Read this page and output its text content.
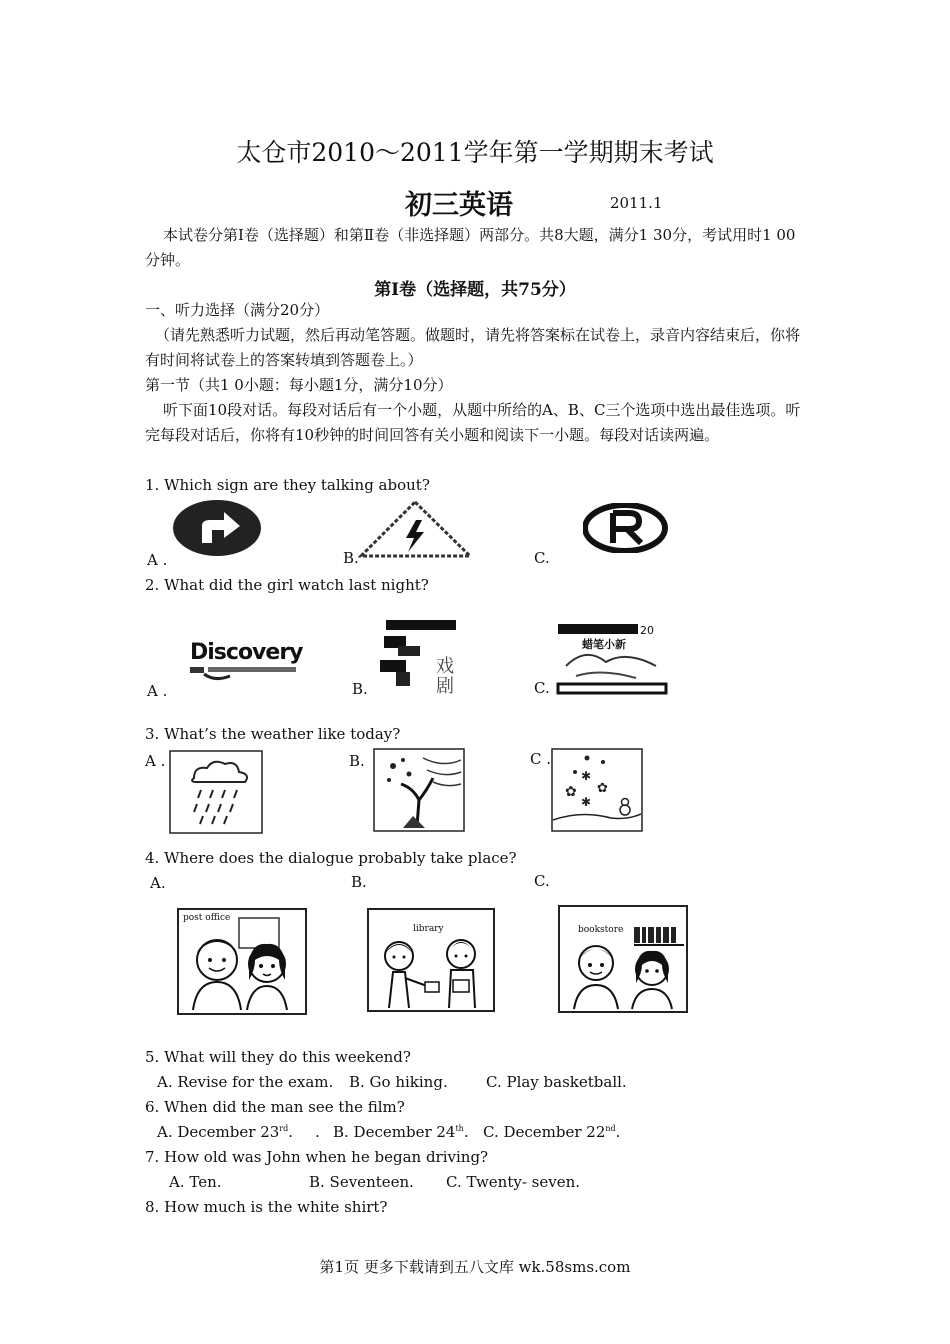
太仓市2010～2011学年第一学期期末考试
初三英语	2011.1
本试卷分第Ⅰ卷（选择题）和第Ⅱ卷（非选择题）两部分。共8大题，满分1 30分，考试用时1 00分钟。
第Ⅰ卷（选择题，共75分）
一、听力选择（满分20分）
（请先熟悉听力试题，然后再动笔答题。做题时，请先将答案标在试卷上，录音内容结束后，你将有时间将试卷上的答案转填到答题卷上。）
第一节（共1 0小题：每小题1分，满分10分）
听下面10段对话。每段对话后有一个小题，从题中所给的A、B、C三个选项中选出最佳选项。听完每段对话后，你将有10秒钟的时间回答有关小题和阅读下一小题。每段对话读两遍。
1. Which sign are they talking about?
A .	B.	C.
2. What did the girl watch last night?
A .
Discovery
B.
戏
剧	C.
20
蜡笔小新
3. What’s the weather like today?
A .	B.	C .
✱
✿ ✿
✱
4. Where does the dialogue probably take place?
A.	B.	C.
post office
library	bookstore
5. What will they do this weekend?
A. Revise for the exam. B. Go hiking.	C. Play basketball.
6. When did the man see the film?
A. December 23rd. . B. December 24th. C. December 22nd.
7. How old was John when he began driving?
A. Ten.	B. Seventeen. C. Twenty- seven.
8. How much is the white shirt?
第1页 更多下载请到五八文库 wk.58sms.com
